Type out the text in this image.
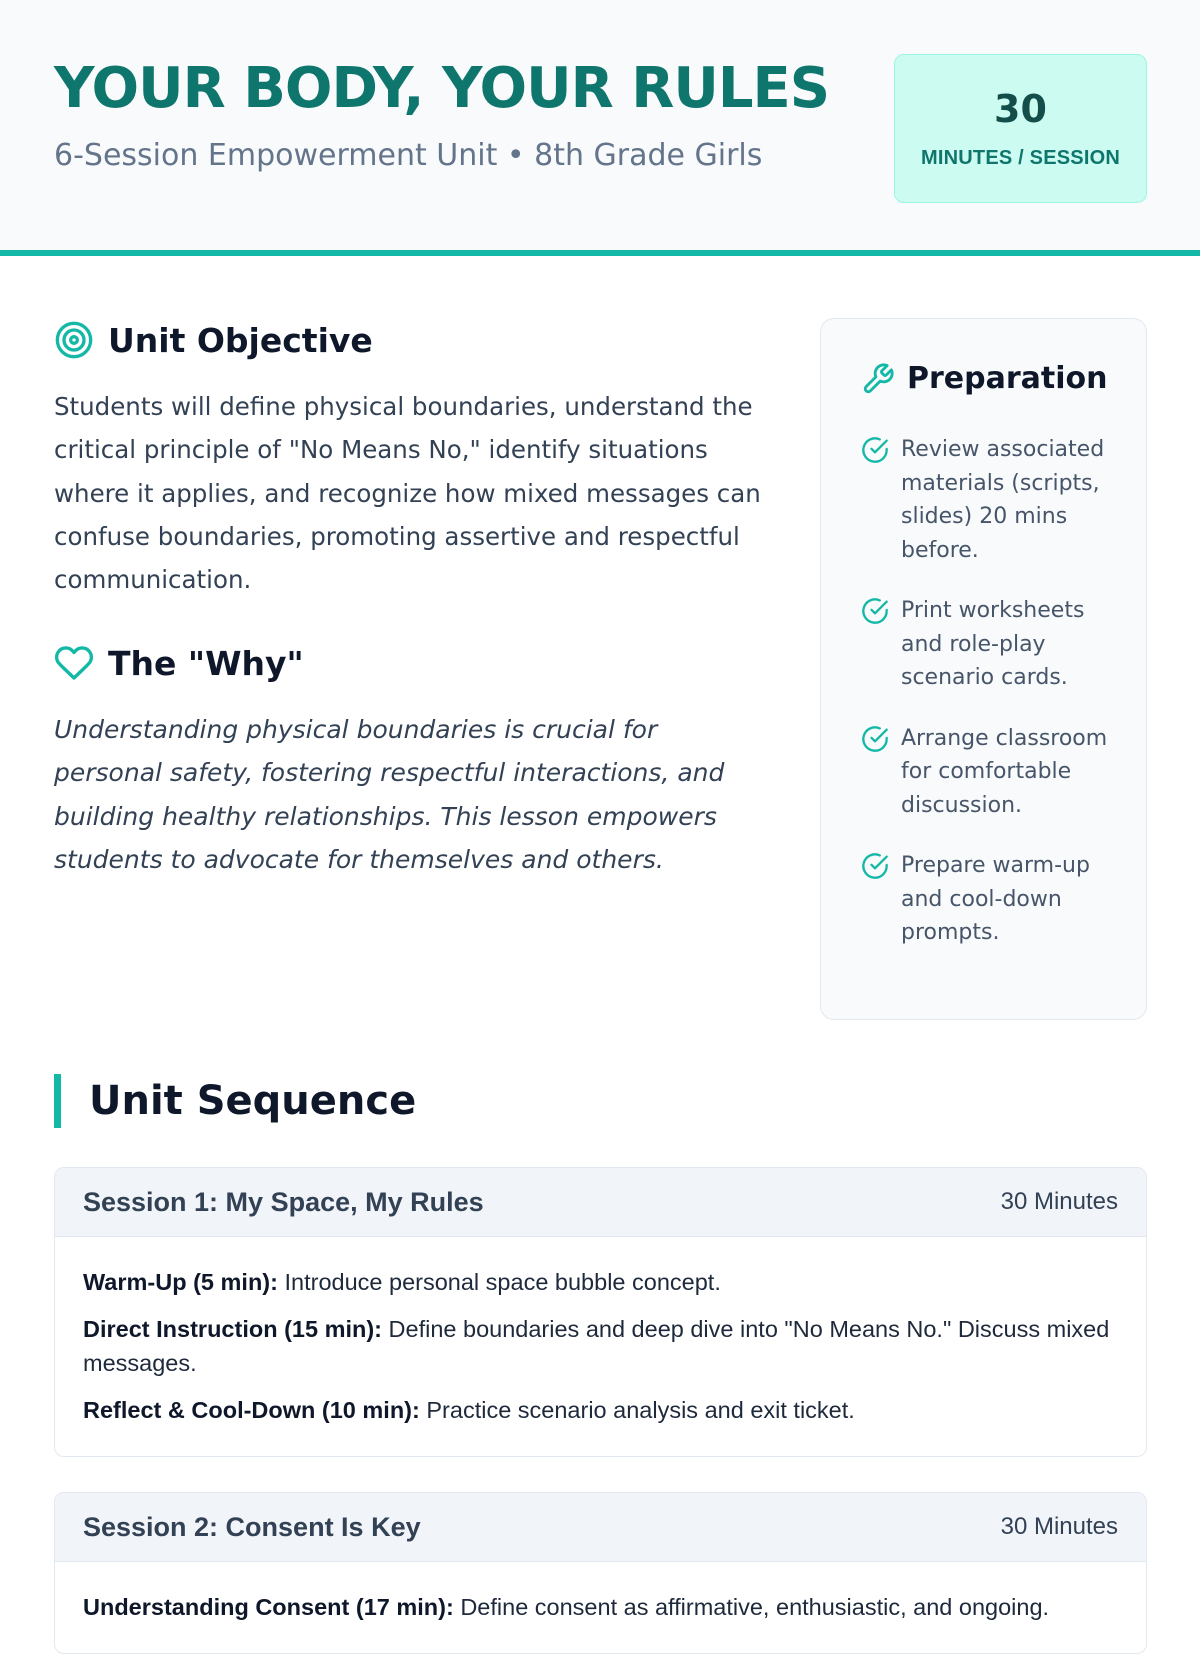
YOUR BODY, YOUR RULES
6-Session Empowerment Unit • 8th Grade Girls
30
MINUTES / SESSION
Unit Objective

Students will define physical boundaries, understand the critical principle of "No Means No," identify situations where it applies, and recognize how mixed messages can confuse boundaries, promoting assertive and respectful communication.

The "Why"

Understanding physical boundaries is crucial for personal safety, fostering respectful interactions, and building healthy relationships. This lesson empowers students to advocate for themselves and others.

Preparation
Review associated materials (scripts, slides) 20 mins before.
Print worksheets and role-play scenario cards.
Arrange classroom for comfortable discussion.
Prepare warm-up and cool-down prompts.
Unit Sequence
Session 1: My Space, My Rules	30 Minutes

Warm-Up (5 min): Introduce personal space bubble concept.

Direct Instruction (15 min): Define boundaries and deep dive into "No Means No." Discuss mixed messages.

Reflect & Cool-Down (10 min): Practice scenario analysis and exit ticket.

Session 2: Consent Is Key	30 Minutes

Understanding Consent (17 min): Define consent as affirmative, enthusiastic, and ongoing.
